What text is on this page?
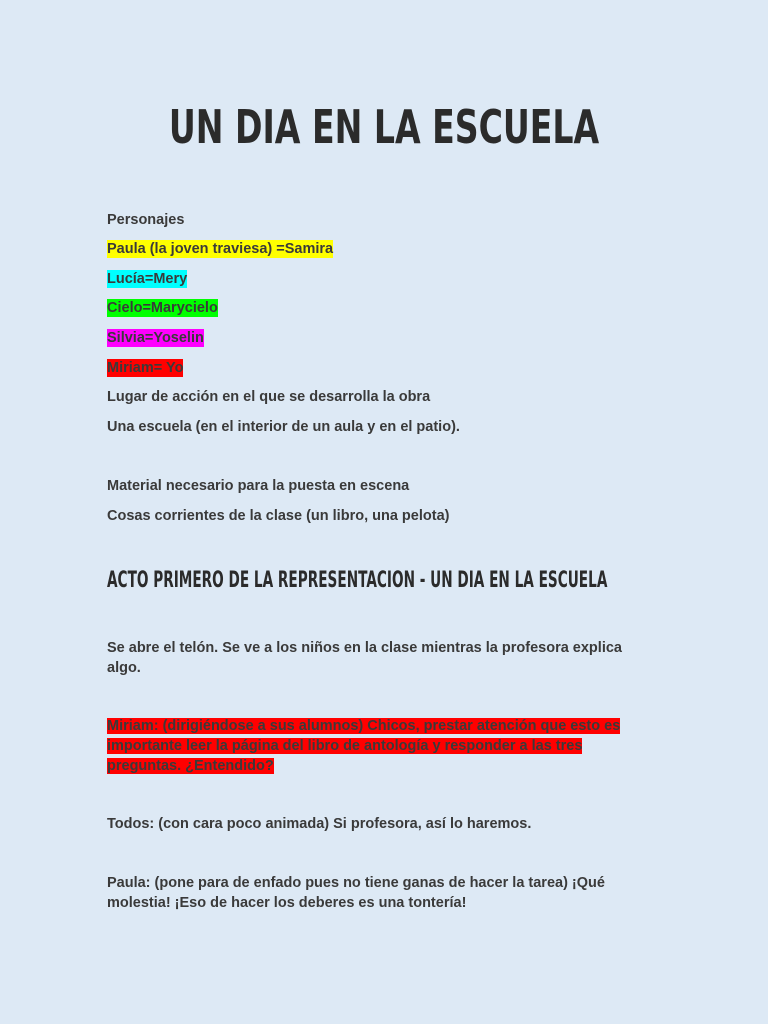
UN DIA EN LA ESCUELA
Personajes
Paula (la joven traviesa) =Samira
Lucía=Mery
Cielo=Marycielo
Silvia=Yoselin
Miriam= Yo
Lugar de acción en el que se desarrolla la obra
Una escuela (en el interior de un aula y en el patio).
Material necesario para la puesta en escena
Cosas corrientes de la clase (un libro, una pelota)
ACTO PRIMERO DE LA REPRESENTACION - UN DIA EN LA ESCUELA
Se abre el telón. Se ve a los niños en la clase mientras la profesora explica algo.
Miriam: (dirigiéndose a sus alumnos) Chicos, prestar atención que esto es importante leer la página del libro de antología y responder a las tres preguntas. ¿Entendido?
Todos: (con cara poco animada) Si profesora, así lo haremos.
Paula: (pone para de enfado pues no tiene ganas de hacer la tarea) ¡Qué molestia! ¡Eso de hacer los deberes es una tontería!
